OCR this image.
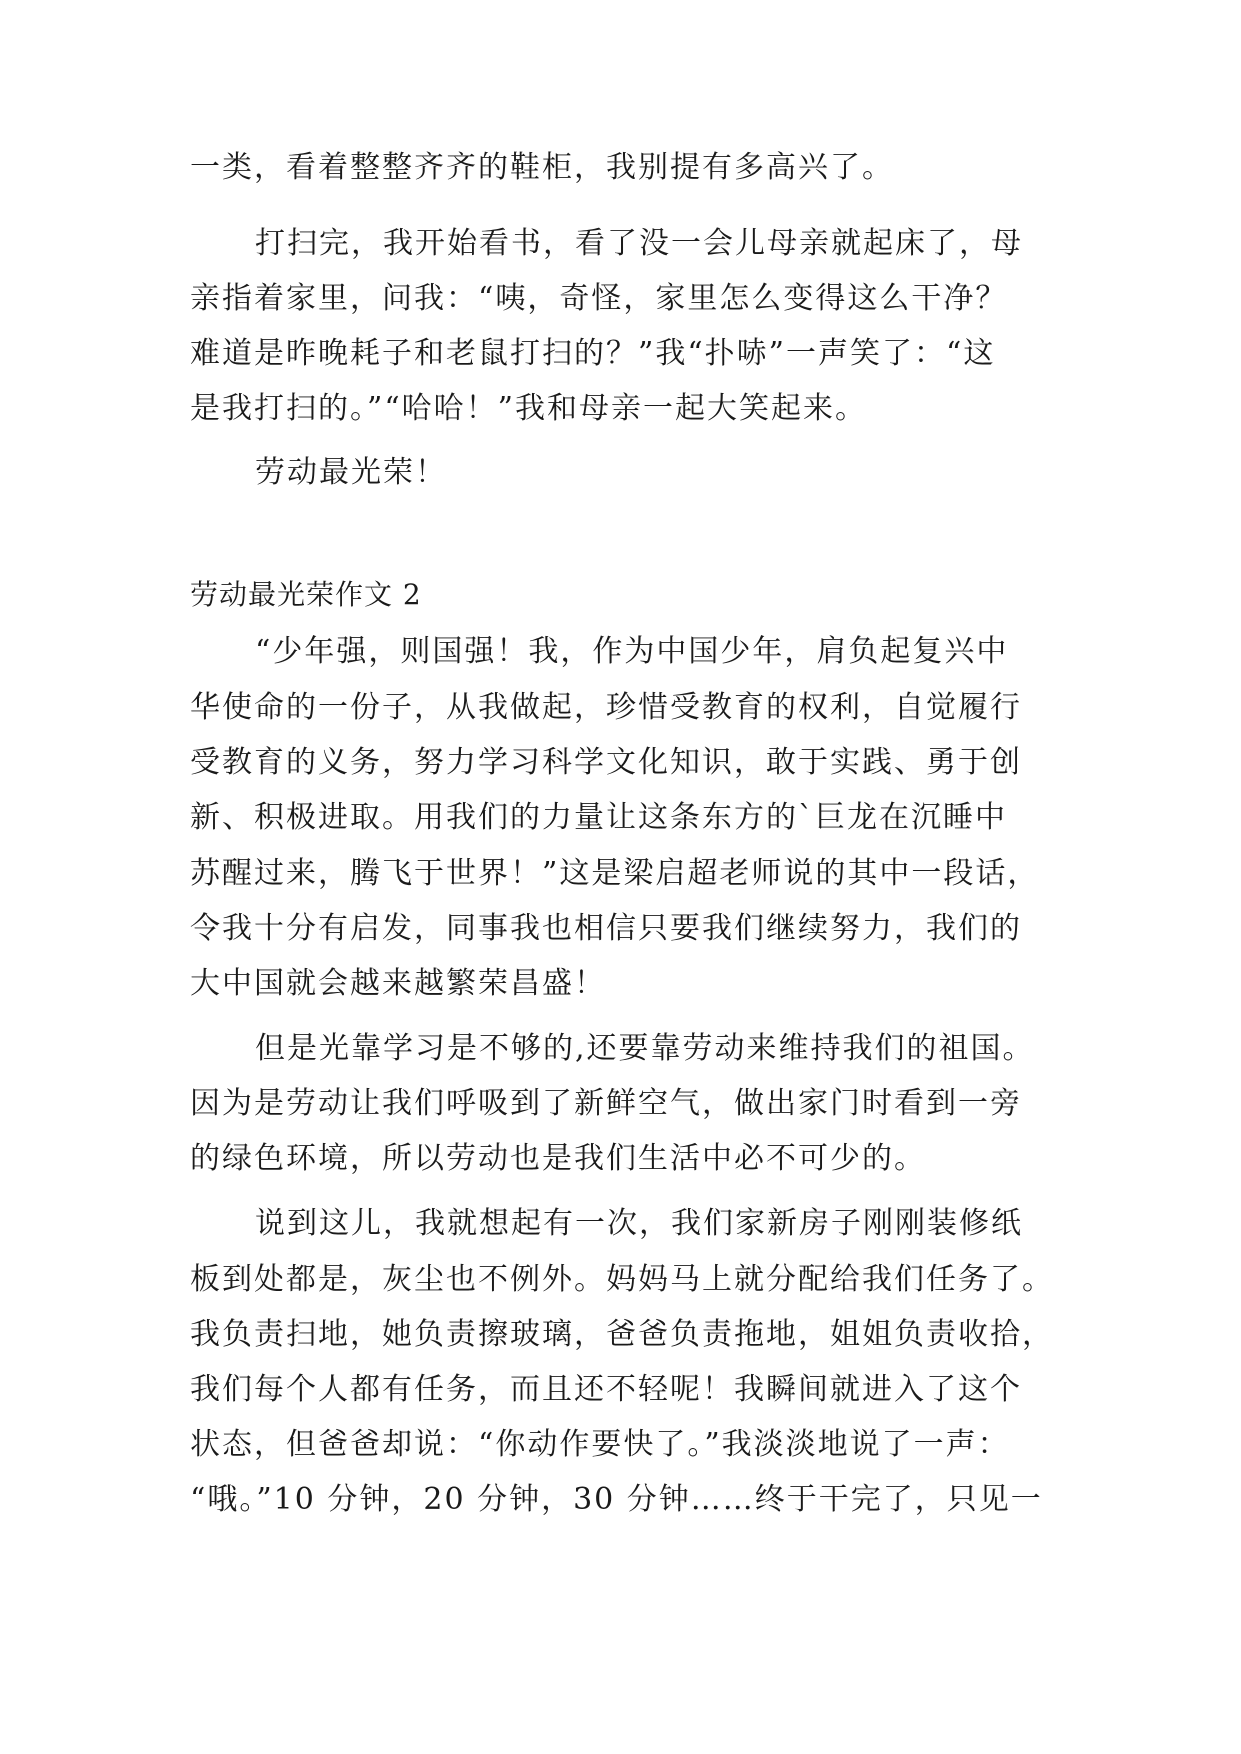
一类，看着整整齐齐的鞋柜，我别提有多高兴了。
打扫完，我开始看书，看了没一会儿母亲就起床了，母
亲指着家里，问我：“咦，奇怪，家里怎么变得这么干净？
难道是昨晚耗子和老鼠打扫的？”我“扑哧”一声笑了：“这
是我打扫的。”“哈哈！”我和母亲一起大笑起来。
劳动最光荣！
劳动最光荣作文 2
“少年强，则国强！我，作为中国少年，肩负起复兴中
华使命的一份子，从我做起，珍惜受教育的权利，自觉履行
受教育的义务，努力学习科学文化知识，敢于实践、勇于创
新、积极进取。用我们的力量让这条东方的`巨龙在沉睡中
苏醒过来，腾飞于世界！”这是梁启超老师说的其中一段话，
令我十分有启发，同事我也相信只要我们继续努力，我们的
大中国就会越来越繁荣昌盛！
但是光靠学习是不够的,还要靠劳动来维持我们的祖国。
因为是劳动让我们呼吸到了新鲜空气，做出家门时看到一旁
的绿色环境，所以劳动也是我们生活中必不可少的。
说到这儿，我就想起有一次，我们家新房子刚刚装修纸
板到处都是，灰尘也不例外。妈妈马上就分配给我们任务了。
我负责扫地，她负责擦玻璃，爸爸负责拖地，姐姐负责收拾，
我们每个人都有任务，而且还不轻呢！我瞬间就进入了这个
状态，但爸爸却说：“你动作要快了。”我淡淡地说了一声：
“哦。”10 分钟，20 分钟，30 分钟……终于干完了，只见一
